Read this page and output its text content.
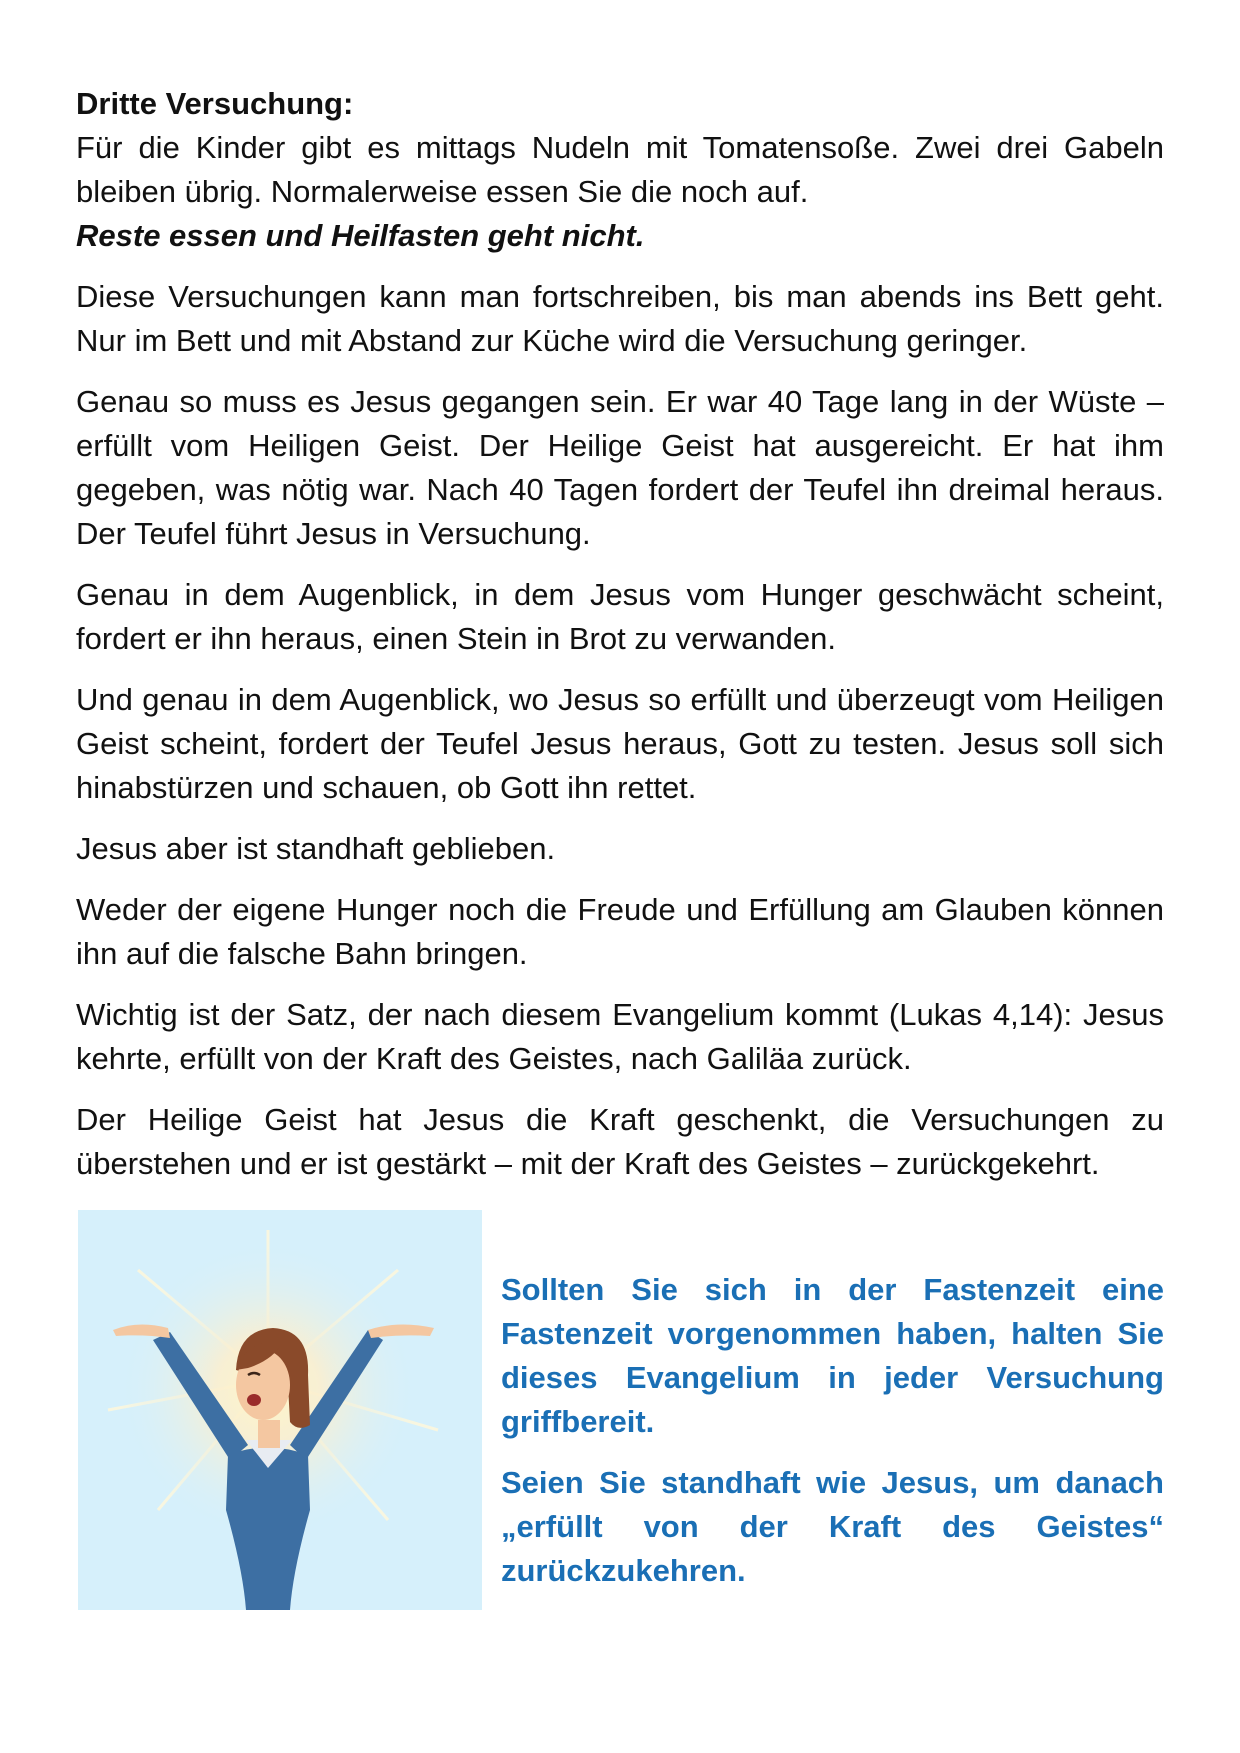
Dritte Versuchung:

Für die Kinder gibt es mittags Nudeln mit Tomatensoße. Zwei drei Gabeln bleiben übrig. Normalerweise essen Sie die noch auf.

Reste essen und Heilfasten geht nicht.

Diese Versuchungen kann man fortschreiben, bis man abends ins Bett geht. Nur im Bett und mit Abstand zur Küche wird die Versuchung geringer.

Genau so muss es Jesus gegangen sein. Er war 40 Tage lang in der Wüste – erfüllt vom Heiligen Geist. Der Heilige Geist hat ausgereicht. Er hat ihm gegeben, was nötig war. Nach 40 Tagen fordert der Teufel ihn dreimal heraus. Der Teufel führt Jesus in Versuchung.

Genau in dem Augenblick, in dem Jesus vom Hunger geschwächt scheint, fordert er ihn heraus, einen Stein in Brot zu verwanden.

Und genau in dem Augenblick, wo Jesus so erfüllt und überzeugt vom Heiligen Geist scheint, fordert der Teufel Jesus heraus, Gott zu testen. Jesus soll sich hinabstürzen und schauen, ob Gott ihn rettet.

Jesus aber ist standhaft geblieben.

Weder der eigene Hunger noch die Freude und Erfüllung am Glauben können ihn auf die falsche Bahn bringen.

Wichtig ist der Satz, der nach diesem Evangelium kommt (Lukas 4,14): Jesus kehrte, erfüllt von der Kraft des Geistes, nach Galiläa zurück.

Der Heilige Geist hat Jesus die Kraft geschenkt, die Versuchungen zu überstehen und er ist gestärkt – mit der Kraft des Geistes – zurückgekehrt.

Sollten Sie sich in der Fastenzeit eine Fastenzeit vorgenommen haben, halten Sie dieses Evangelium in jeder Versuchung griffbereit.

Seien Sie standhaft wie Jesus, um danach „erfüllt von der Kraft des Geistes“ zurückzukehren.
